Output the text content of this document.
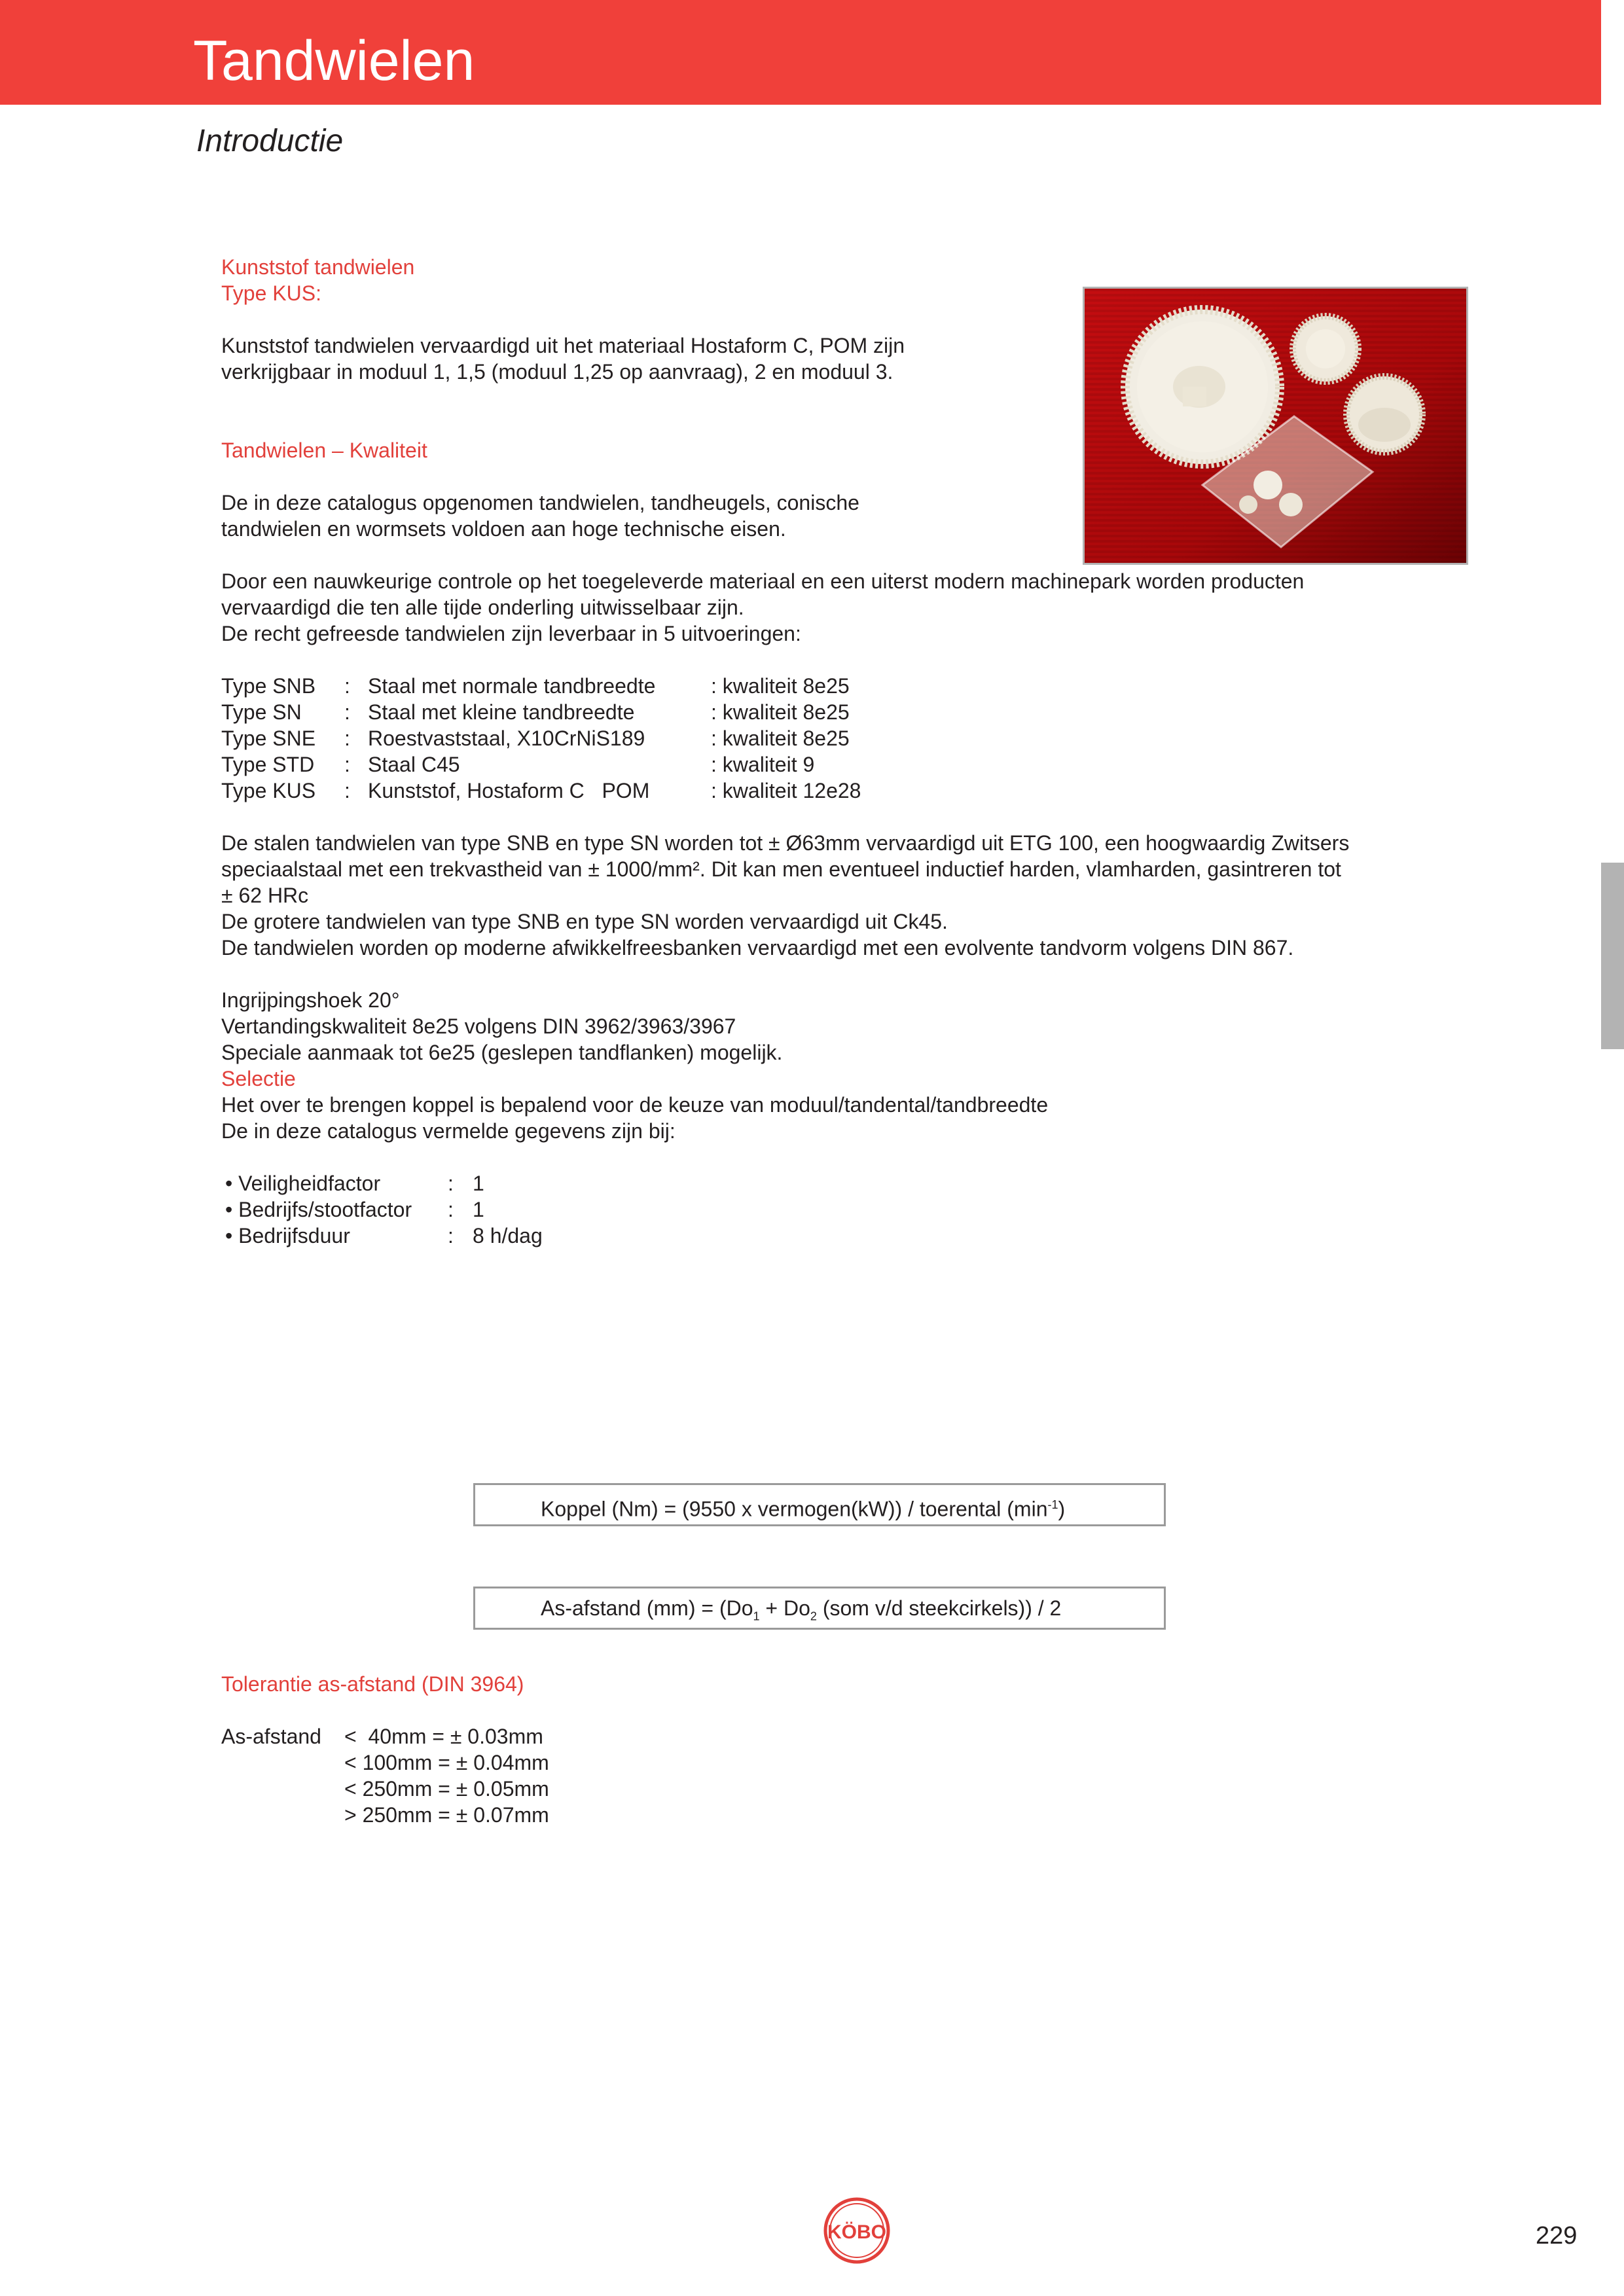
Tandwielen
Introductie

Kunststof tandwielen

Type KUS:

Kunststof tandwielen vervaardigd uit het materiaal Hostaform C, POM zijn

verkrijgbaar in moduul 1, 1,5 (moduul 1,25 op aanvraag), 2 en moduul 3.

Tandwielen – Kwaliteit

De in deze catalogus opgenomen tandwielen, tandheugels, conische

tandwielen en wormsets voldoen aan hoge technische eisen.

Door een nauwkeurige controle op het toegeleverde materiaal en een uiterst modern machinepark worden producten

vervaardigd die ten alle tijde onderling uitwisselbaar zijn.

De recht gefreesde tandwielen zijn leverbaar in 5 uitvoeringen:

Type SNB	: Staal met normale tandbreedte	: kwaliteit 8e25
Type SN	: Staal met kleine tandbreedte	: kwaliteit 8e25
Type SNE	: Roestvaststaal, X10CrNiS189	: kwaliteit 8e25
Type STD	: Staal C45	: kwaliteit 9
Type KUS	: Kunststof, Hostaform C   POM	: kwaliteit 12e28

De stalen tandwielen van type SNB en type SN worden tot ± Ø63mm vervaardigd uit ETG 100, een hoogwaardig Zwitsers

speciaalstaal met een trekvastheid van ± 1000/mm². Dit kan men eventueel inductief harden, vlamharden, gasintreren tot

± 62 HRc

De grotere tandwielen van type SNB en type SN worden vervaardigd uit Ck45.

De tandwielen worden op moderne afwikkelfreesbanken vervaardigd met een evolvente tandvorm volgens DIN 867.

Ingrijpingshoek 20°

Vertandingskwaliteit 8e25 volgens DIN 3962/3963/3967

Speciale aanmaak tot 6e25 (geslepen tandflanken) mogelijk.

Selectie

Het over te brengen koppel is bepalend voor de keuze van moduul/tandental/tandbreedte

De in deze catalogus vermelde gegevens zijn bij:

• Veiligheidfactor	: 1
• Bedrijfs/stootfactor	: 1
• Bedrijfsduur	: 8 h/dag
Koppel (Nm) = (9550 x vermogen(kW)) / toerental $(\min^{-1})$
As-afstand $(mm) = (Do_1 + Do_2$ (som v/d steekcirkels)) / 2

Tolerantie as-afstand (DIN 3964)

As-afstand	<  40mm = ± 0.03mm
< 100mm = ± 0.04mm
< 250mm = ± 0.05mm
> 250mm = ± 0.07mm
KÖBO	229
